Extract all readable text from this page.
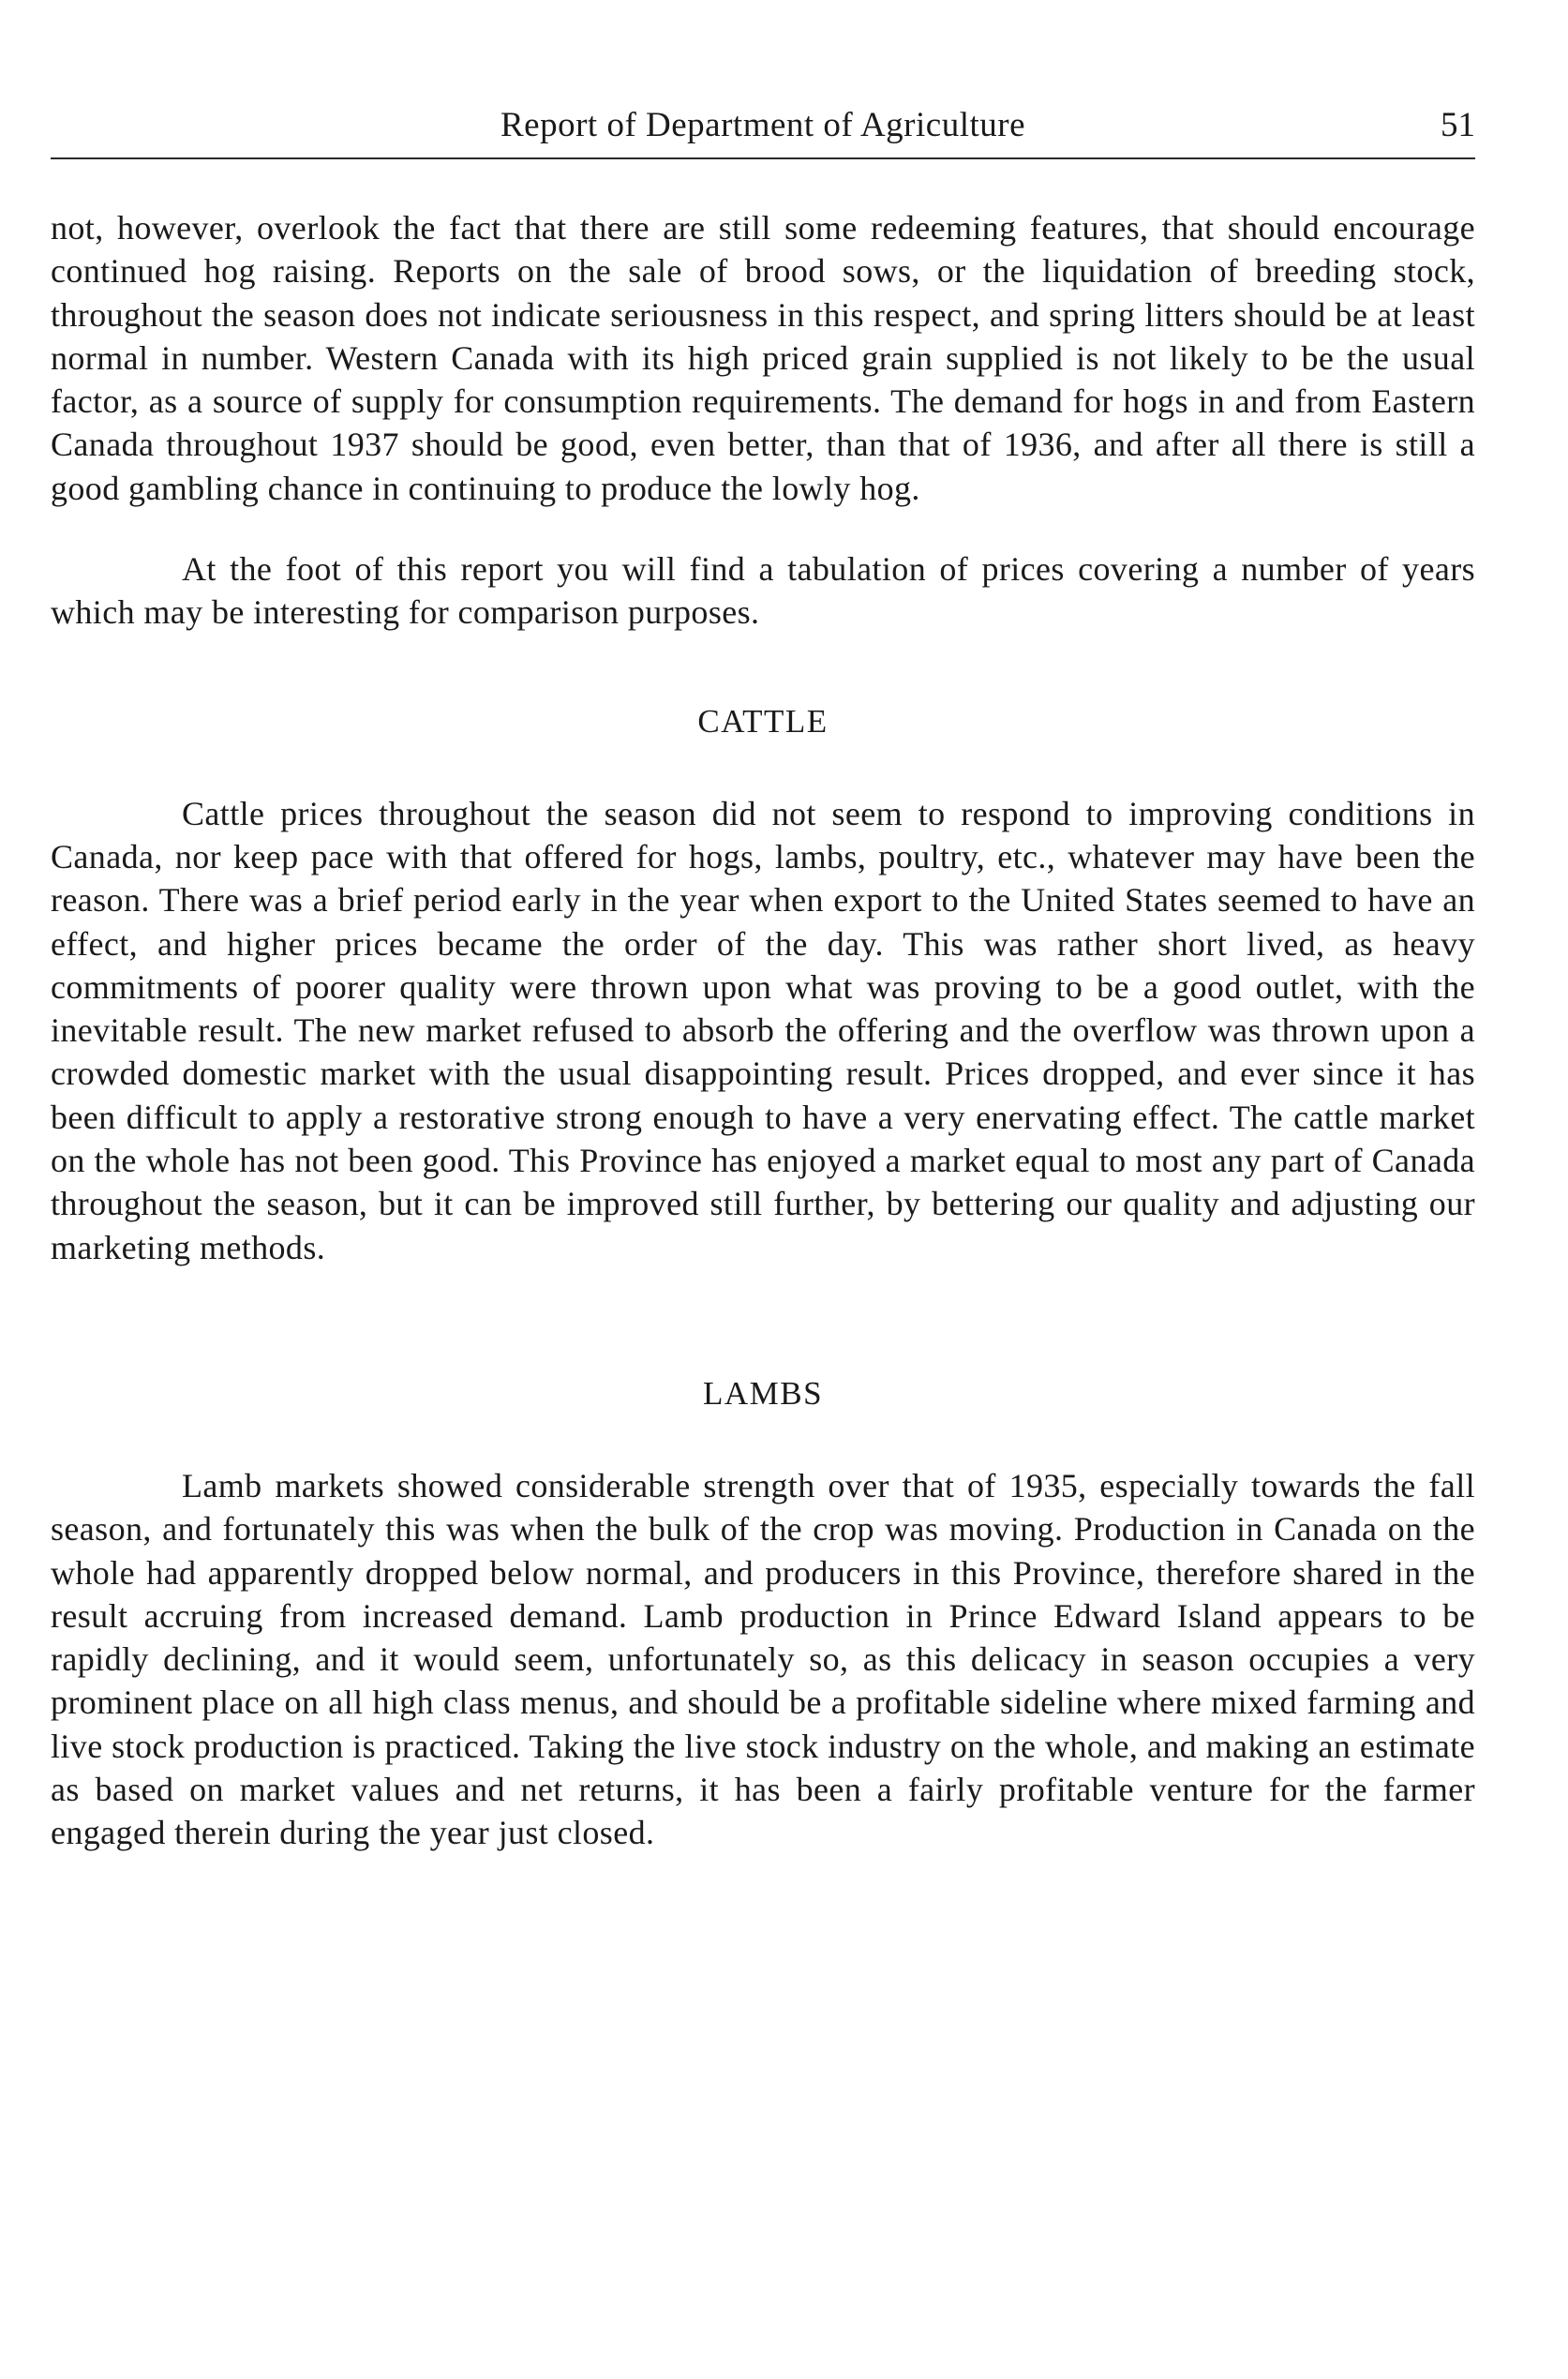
Report of Department of Agriculture	51

not, however, overlook the fact that there are still some redeeming features, that should encourage continued hog raising. Reports on the sale of brood sows, or the liquidation of breeding stock, throughout the season does not indicate seriousness in this respect, and spring litters should be at least normal in number. Western Canada with its high priced grain supplied is not likely to be the usual factor, as a source of supply for consumption requirements. The demand for hogs in and from Eastern Canada throughout 1937 should be good, even better, than that of 1936, and after all there is still a good gambling chance in continuing to produce the lowly hog.

At the foot of this report you will find a tabulation of prices covering a number of years which may be interesting for comparison purposes.

CATTLE

Cattle prices throughout the season did not seem to respond to improving conditions in Canada, nor keep pace with that offered for hogs, lambs, poultry, etc., whatever may have been the reason. There was a brief period early in the year when export to the United States seemed to have an effect, and higher prices became the order of the day. This was rather short lived, as heavy commitments of poorer quality were thrown upon what was proving to be a good outlet, with the inevitable result. The new market refused to absorb the offering and the overflow was thrown upon a crowded domestic market with the usual disappointing result. Prices dropped, and ever since it has been difficult to apply a restorative strong enough to have a very enervating effect. The cattle market on the whole has not been good. This Province has enjoyed a market equal to most any part of Canada throughout the season, but it can be improved still further, by bettering our quality and adjusting our marketing methods.

LAMBS

Lamb markets showed considerable strength over that of 1935, especially towards the fall season, and fortunately this was when the bulk of the crop was moving. Production in Canada on the whole had apparently dropped below normal, and producers in this Province, therefore shared in the result accruing from increased demand. Lamb production in Prince Edward Island appears to be rapidly declining, and it would seem, unfortunately so, as this delicacy in season occupies a very prominent place on all high class menus, and should be a profitable sideline where mixed farming and live stock production is practiced. Taking the live stock industry on the whole, and making an estimate as based on market values and net returns, it has been a fairly profitable venture for the farmer engaged therein during the year just closed.
